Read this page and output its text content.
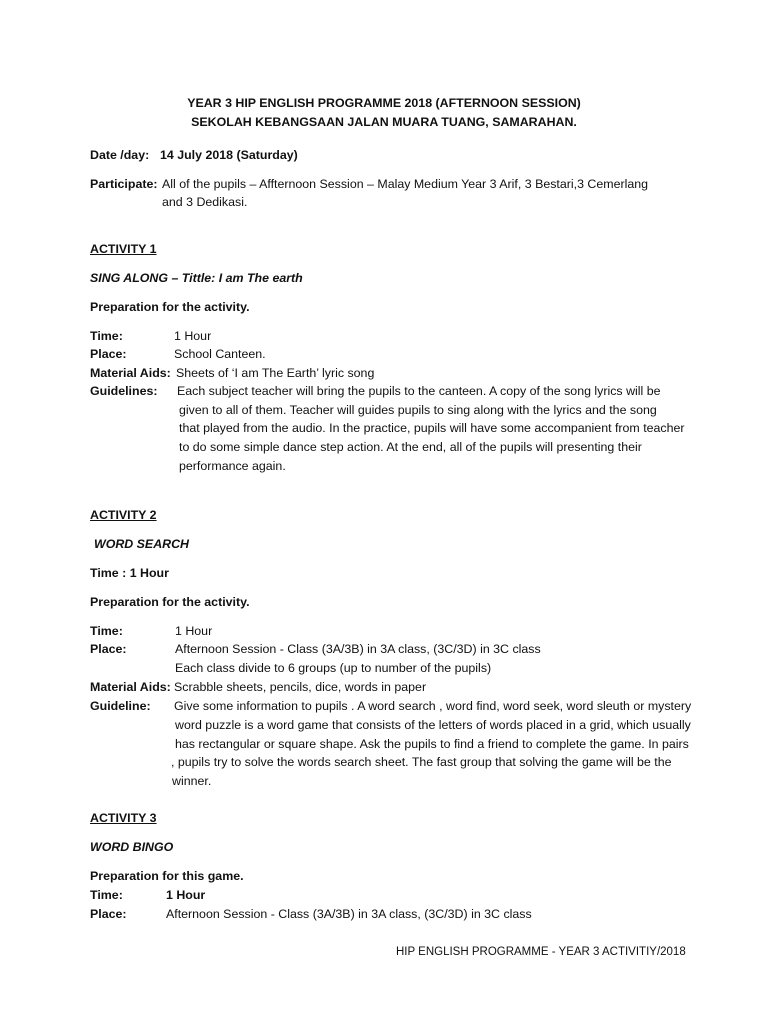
YEAR 3 HIP ENGLISH PROGRAMME 2018 (AFTERNOON SESSION)
SEKOLAH KEBANGSAAN JALAN MUARA TUANG, SAMARAHAN.
Date /day: 14 July 2018 (Saturday)
Participate: All of the pupils – Affternoon Session – Malay Medium Year 3 Arif, 3 Bestari,3 Cemerlang
and 3 Dedikasi.
ACTIVITY 1
SING ALONG – Tittle: I am The earth
Preparation for the activity.
Time:	1 Hour
Place:	School Canteen.
Material Aids: Sheets of ‘I am The Earth’ lyric song
Guidelines: Each subject teacher will bring the pupils to the canteen. A copy of the song lyrics will be
given to all of them. Teacher will guides pupils to sing along with the lyrics and the song
that played from the audio. In the practice, pupils will have some accompanient from teacher
to do some simple dance step action. At the end, all of the pupils will presenting their
performance again.
ACTIVITY 2
WORD SEARCH
Time : 1 Hour
Preparation for the activity.
Time:	1 Hour
Place:	Afternoon Session - Class (3A/3B) in 3A class, (3C/3D) in 3C class
Each class divide to 6 groups (up to number of the pupils)
Material Aids: Scrabble sheets, pencils, dice, words in paper
Guideline: Give some information to pupils . A word search , word find, word seek, word sleuth or mystery
word puzzle is a word game that consists of the letters of words placed in a grid, which usually
has rectangular or square shape. Ask the pupils to find a friend to complete the game. In pairs
, pupils try to solve the words search sheet. The fast group that solving the game will be the
winner.
ACTIVITY 3
WORD BINGO
Preparation for this game.
Time:	1 Hour
Place:	Afternoon Session - Class (3A/3B) in 3A class, (3C/3D) in 3C class
HIP ENGLISH PROGRAMME - YEAR 3 ACTIVITIY/2018
